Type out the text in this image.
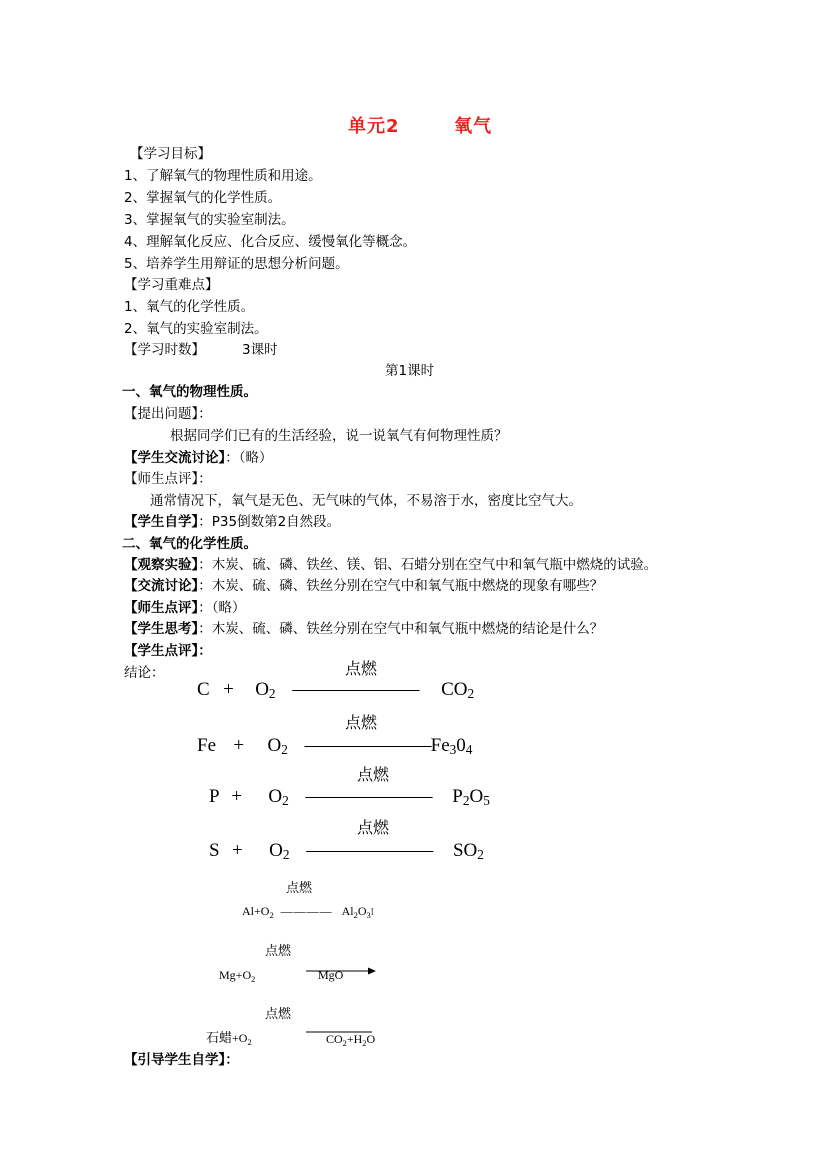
单元2	氧气
【学习目标】
1、了解氧气的物理性质和用途。
2、掌握氧气的化学性质。
3、掌握氧气的实验室制法。
4、理解氧化反应、化合反应、缓慢氧化等概念。
5、培养学生用辩证的思想分析问题。
【学习重难点】
1、氧气的化学性质。
2、氧气的实验室制法。
【学习时数】	3课时
第1课时
一、氧气的物理性质。
【提出问题】：
根据同学们已有的生活经验，说一说氧气有何物理性质？
【学生交流讨论】：（略）
【师生点评】：
通常情况下，氧气是无色、无气味的气体，不易溶于水，密度比空气大。
【学生自学】：P35倒数第2自然段。
二、氧气的化学性质。
【观察实验】：木炭、硫、磷、铁丝、镁、铝、石蜡分别在空气中和氧气瓶中燃烧的试验。
【交流讨论】：木炭、硫、磷、铁丝分别在空气中和氧气瓶中燃烧的现象有哪些？
【师生点评】：（略）
【学生思考】：木炭、硫、磷、铁丝分别在空气中和氧气瓶中燃烧的结论是什么？
【学生点评】：
结论：	点燃
$C + O_2$ ——————— $CO_2$
点燃
$Fe + O_2$ $———————Fe_30_4$
点燃
$P + O_2$ ——————— $P_2O_5$
点燃
$S + O_2$ ——————— $SO_2$
点燃
$Al+O_2$ ———— $Al_2O_3I$
点燃
$Mg+O_2$	MgO
点燃
石蜡$+O_2$	$CO_2+H_2O$
【引导学生自学】：
